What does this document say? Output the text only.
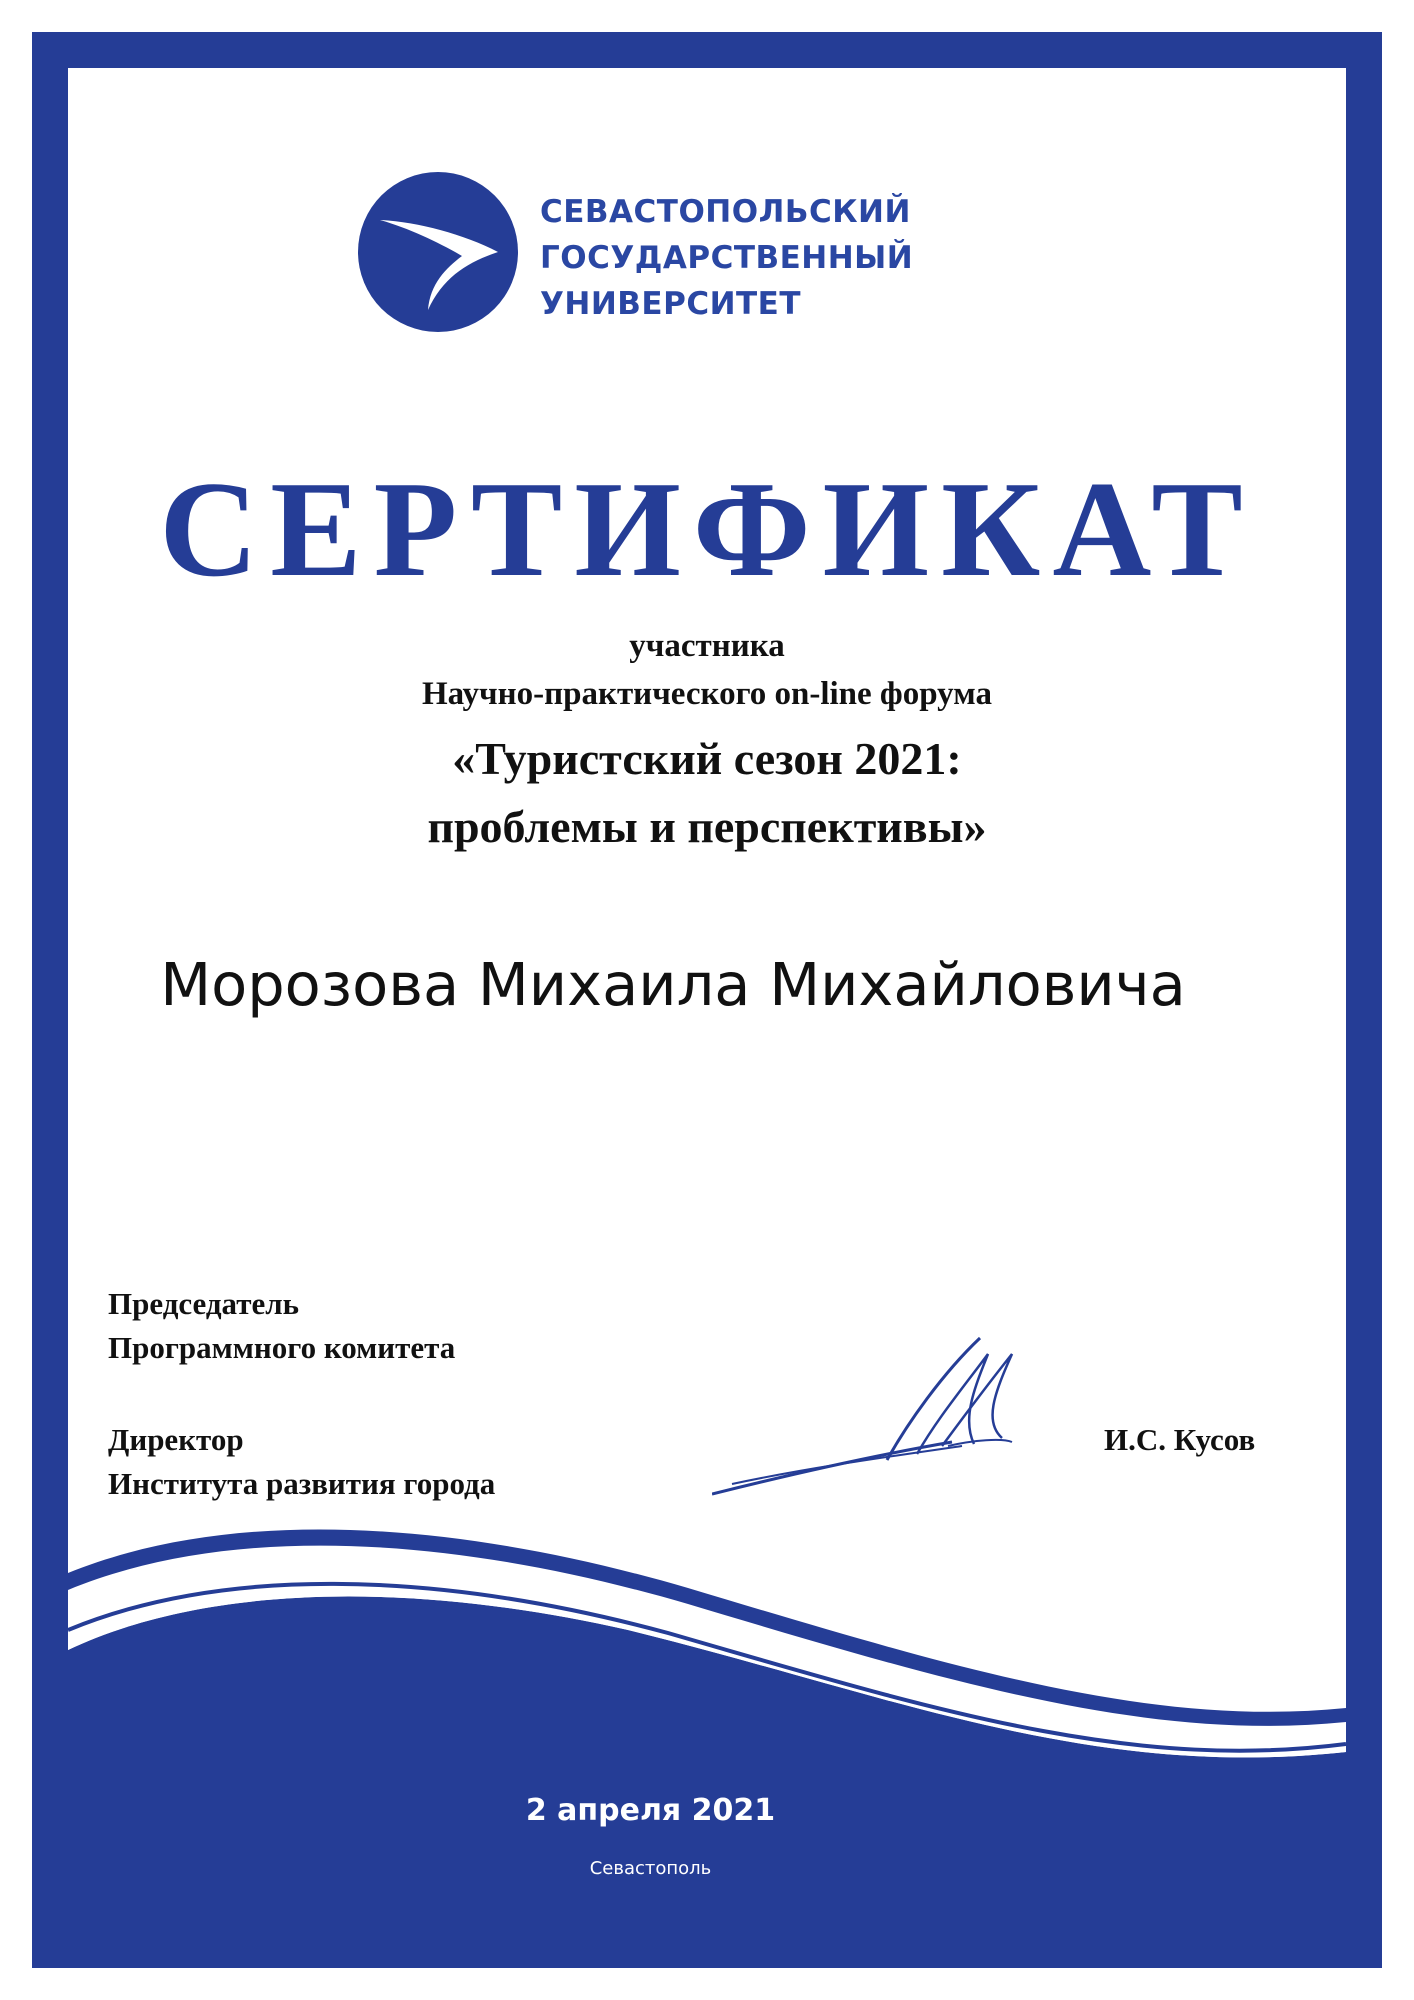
СЕВАСТОПОЛЬСКИЙ
ГОСУДАРСТВЕННЫЙ
УНИВЕРСИТЕТ
СЕРТИФИКАТ
участника
Научно-практического on-line форума
«Туристский сезон 2021:
проблемы и перспективы»
Морозова Михаила Михайловича
Председатель
Программного комитета
Директор
Института развития города
И.С. Кусов
2 апреля 2021
Севастополь
